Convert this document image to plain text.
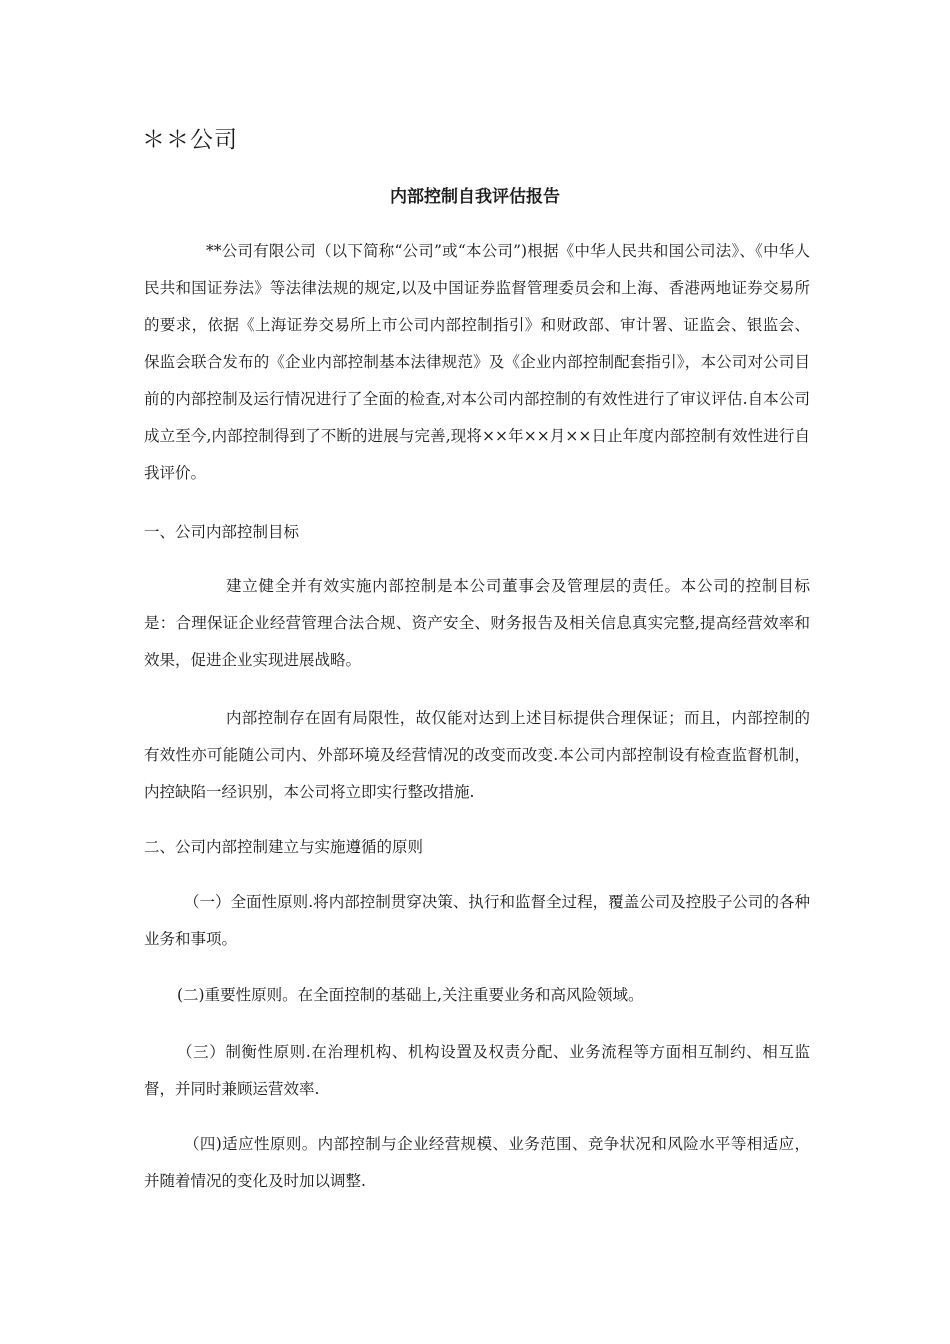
＊＊公司
内部控制自我评估报告

**公司有限公司（以下简称“公司”或“本公司”)根据《中华人民共和国公司法》、《中华人民共和国证券法》等法律法规的规定,以及中国证券监督管理委员会和上海、香港两地证券交易所的要求，依据《上海证券交易所上市公司内部控制指引》和财政部、审计署、证监会、银监会、保监会联合发布的《企业内部控制基本法律规范》及《企业内部控制配套指引》，本公司对公司目前的内部控制及运行情况进行了全面的检查,对本公司内部控制的有效性进行了审议评估.自本公司成立至今,内部控制得到了不断的进展与完善,现将××年××月××日止年度内部控制有效性进行自我评价。

一、公司内部控制目标

建立健全并有效实施内部控制是本公司董事会及管理层的责任。本公司的控制目标是：合理保证企业经营管理合法合规、资产安全、财务报告及相关信息真实完整,提高经营效率和效果，促进企业实现进展战略。

内部控制存在固有局限性，故仅能对达到上述目标提供合理保证；而且，内部控制的有效性亦可能随公司内、外部环境及经营情况的改变而改变.本公司内部控制设有检查监督机制，内控缺陷一经识别，本公司将立即实行整改措施.

二、公司内部控制建立与实施遵循的原则

（一）全面性原则.将内部控制贯穿决策、执行和监督全过程，覆盖公司及控股子公司的各种业务和事项。

(二)重要性原则。在全面控制的基础上,关注重要业务和高风险领域。

（三）制衡性原则.在治理机构、机构设置及权责分配、业务流程等方面相互制约、相互监督，并同时兼顾运营效率.

（四)适应性原则。内部控制与企业经营规模、业务范围、竞争状况和风险水平等相适应，并随着情况的变化及时加以调整.
